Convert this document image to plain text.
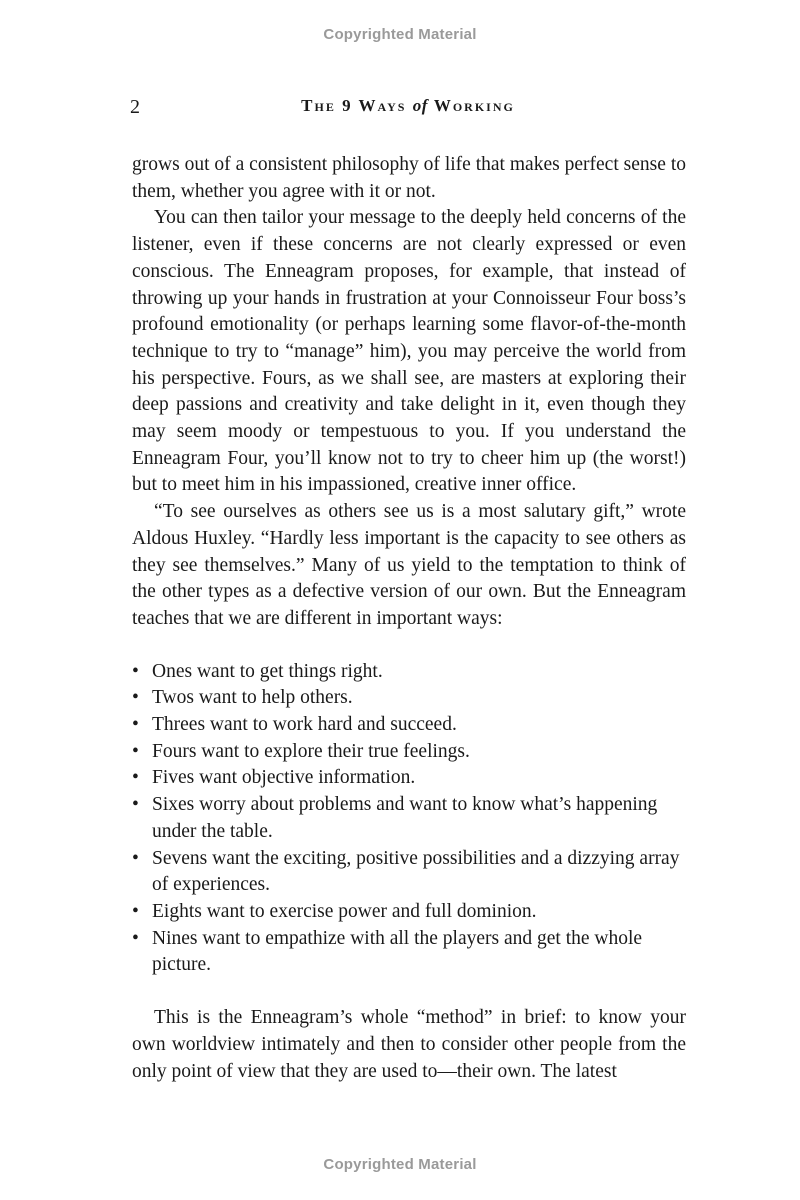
Copyrighted Material
2	The 9 Ways of Working

grows out of a consistent philosophy of life that makes perfect sense to them, whether you agree with it or not.

You can then tailor your message to the deeply held concerns of the listener, even if these concerns are not clearly expressed or even conscious. The Enneagram proposes, for example, that instead of throwing up your hands in frustration at your Connoisseur Four boss’s profound emotionality (or perhaps learning some flavor-of-the-month technique to try to “manage” him), you may perceive the world from his perspective. Fours, as we shall see, are masters at exploring their deep passions and creativity and take delight in it, even though they may seem moody or tempestuous to you. If you understand the Enneagram Four, you’ll know not to try to cheer him up (the worst!) but to meet him in his impassioned, creative inner office.

“To see ourselves as others see us is a most salutary gift,” wrote Aldous Huxley. “Hardly less important is the capacity to see others as they see themselves.” Many of us yield to the temptation to think of the other types as a defective version of our own. But the Enneagram teaches that we are different in important ways:

• Ones want to get things right.
• Twos want to help others.
• Threes want to work hard and succeed.
• Fours want to explore their true feelings.
• Fives want objective information.
• Sixes worry about problems and want to know what’s happening under the table.
• Sevens want the exciting, positive possibilities and a dizzying array of experiences.
• Eights want to exercise power and full dominion.
• Nines want to empathize with all the players and get the whole picture.

This is the Enneagram’s whole “method” in brief: to know your own worldview intimately and then to consider other people from the only point of view that they are used to—their own. The latest

Copyrighted Material
